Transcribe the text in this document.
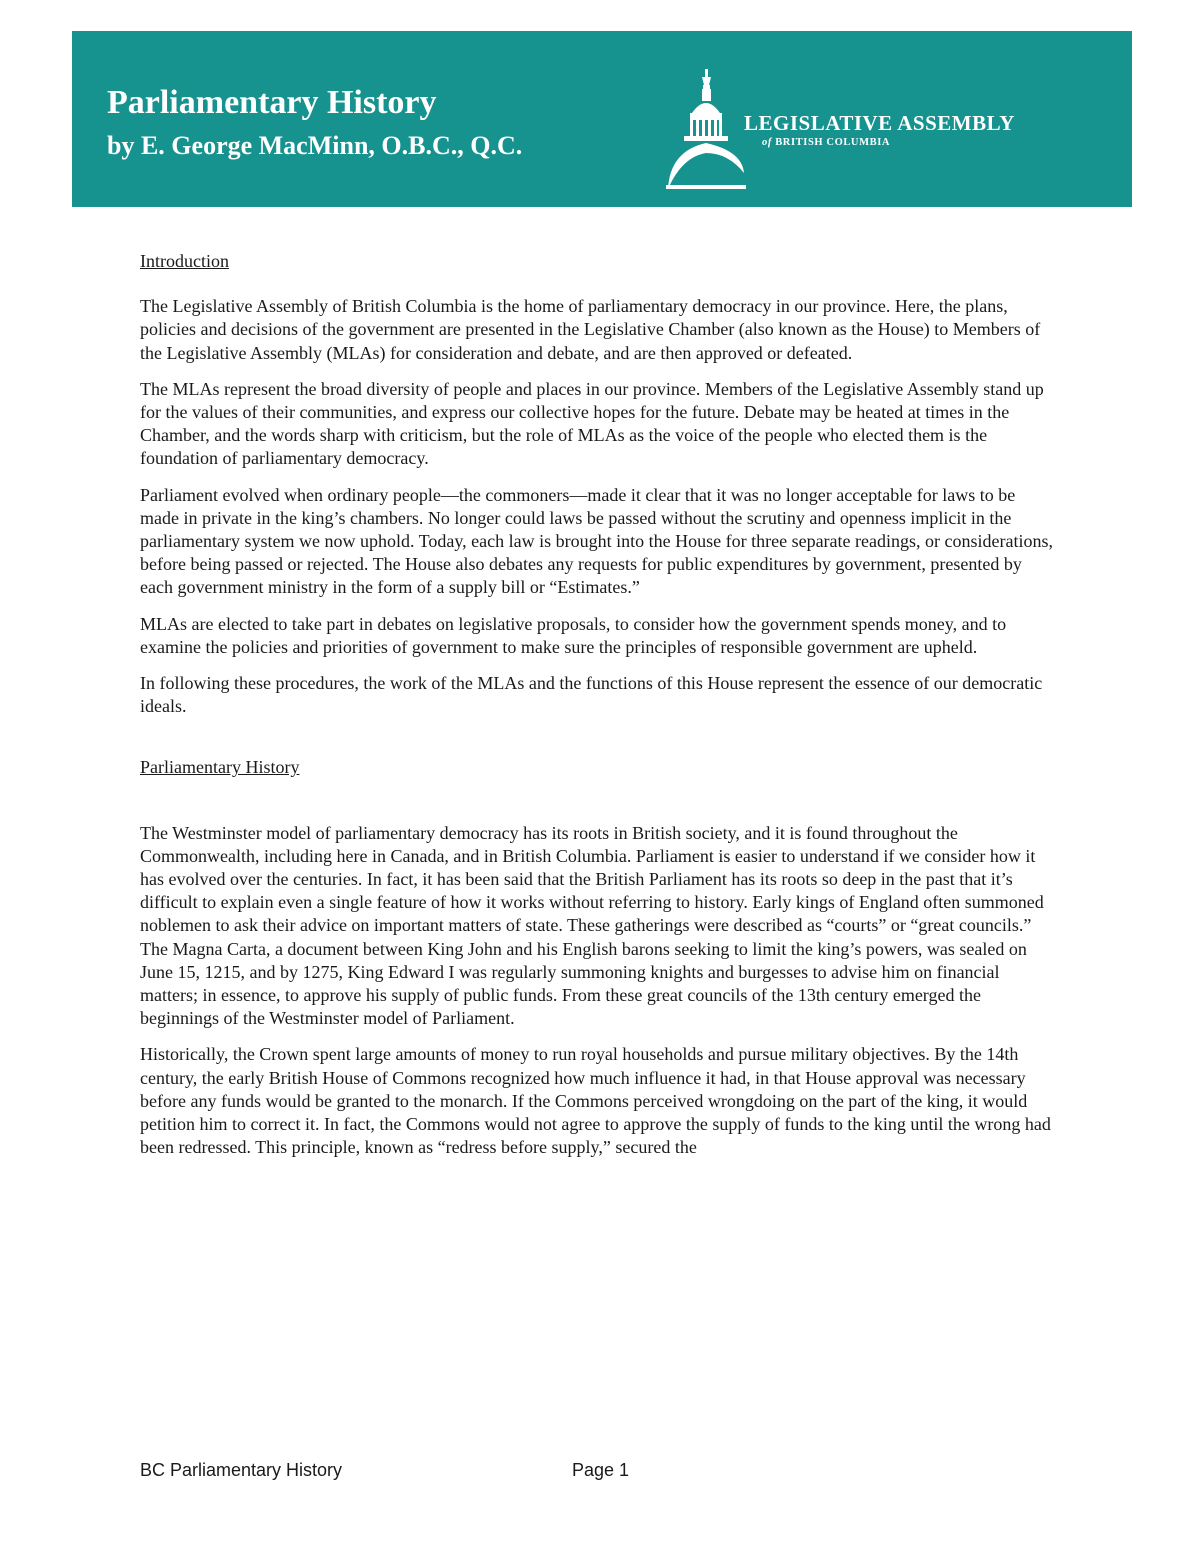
Parliamentary History
by E. George MacMinn, O.B.C., Q.C.
LEGISLATIVE ASSEMBLY
of BRITISH COLUMBIA

Introduction

The Legislative Assembly of British Columbia is the home of parliamentary democracy in our province. Here, the plans, policies and decisions of the government are presented in the Legislative Chamber (also known as the House) to Members of the Legislative Assembly (MLAs) for consideration and debate, and are then approved or defeated.

The MLAs represent the broad diversity of people and places in our province. Members of the Legislative Assembly stand up for the values of their communities, and express our collective hopes for the future. Debate may be heated at times in the Chamber, and the words sharp with criticism, but the role of MLAs as the voice of the people who elected them is the foundation of parliamentary democracy.

Parliament evolved when ordinary people—the commoners—made it clear that it was no longer acceptable for laws to be made in private in the king’s chambers. No longer could laws be passed without the scrutiny and openness implicit in the parliamentary system we now uphold. Today, each law is brought into the House for three separate readings, or considerations, before being passed or rejected. The House also debates any requests for public expenditures by government, presented by each government ministry in the form of a supply bill or “Estimates.”

MLAs are elected to take part in debates on legislative proposals, to consider how the government spends money, and to examine the policies and priorities of government to make sure the principles of responsible government are upheld.

In following these procedures, the work of the MLAs and the functions of this House represent the essence of our democratic ideals.

Parliamentary History

The Westminster model of parliamentary democracy has its roots in British society, and it is found throughout the Commonwealth, including here in Canada, and in British Columbia. Parliament is easier to understand if we consider how it has evolved over the centuries. In fact, it has been said that the British Parliament has its roots so deep in the past that it’s difficult to explain even a single feature of how it works without referring to history. Early kings of England often summoned noblemen to ask their advice on important matters of state. These gatherings were described as “courts” or “great councils.” The Magna Carta, a document between King John and his English barons seeking to limit the king’s powers, was sealed on June 15, 1215, and by 1275, King Edward I was regularly summoning knights and burgesses to advise him on financial matters; in essence, to approve his supply of public funds. From these great councils of the 13th century emerged the beginnings of the Westminster model of Parliament.

Historically, the Crown spent large amounts of money to run royal households and pursue military objectives. By the 14th century, the early British House of Commons recognized how much influence it had, in that House approval was necessary before any funds would be granted to the monarch. If the Commons perceived wrongdoing on the part of the king, it would petition him to correct it. In fact, the Commons would not agree to approve the supply of funds to the king until the wrong had been redressed. This principle, known as “redress before supply,” secured the

BC Parliamentary History	Page 1
